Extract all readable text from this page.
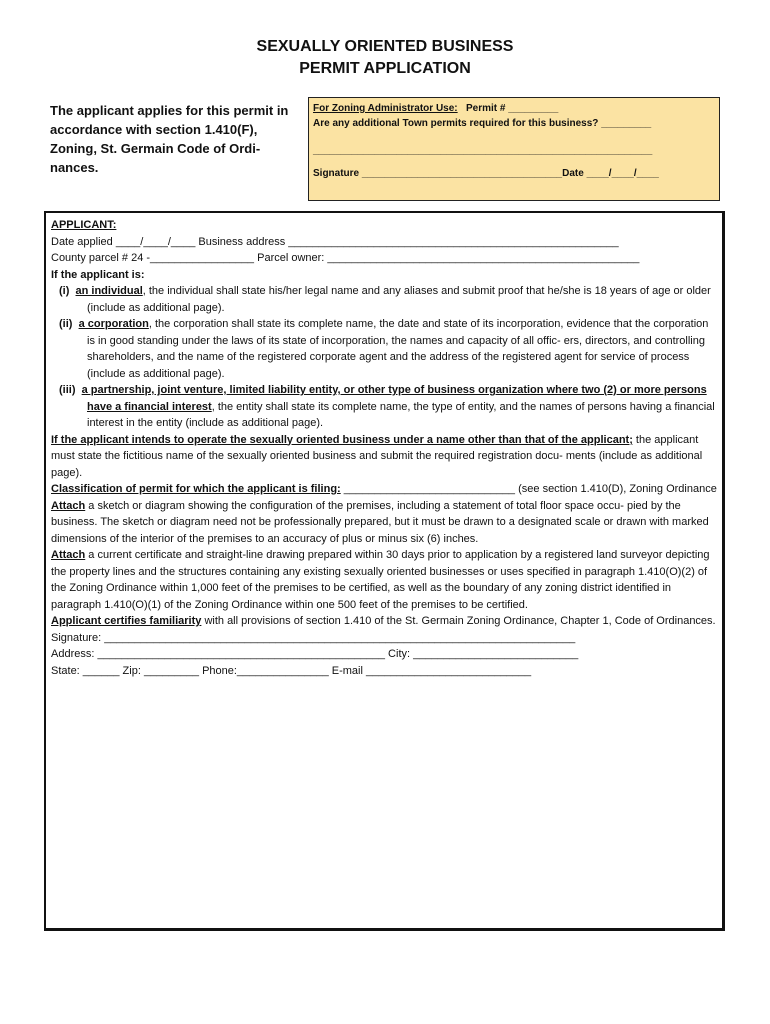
SEXUALLY ORIENTED BUSINESS
PERMIT APPLICATION
The applicant applies for this permit in accordance with section 1.410(F), Zoning, St. Germain Code of Ordi- nances.
For Zoning Administrator Use: Permit # _________
Are any additional Town permits required for this business? _________
_____________________________________________________________
Signature ____________________________________Date ____/____/____

APPLICANT:

Date applied ____/____/____ Business address ______________________________________________________

County parcel # 24 -_________________ Parcel owner: ___________________________________________________

If the applicant is:

(i) an individual, the individual shall state his/her legal name and any aliases and submit proof that he/she is 18 years of age or older (include as additional page).

(ii) a corporation, the corporation shall state its complete name, the date and state of its incorporation, evidence that the corporation is in good standing under the laws of its state of incorporation, the names and capacity of all offic- ers, directors, and controlling shareholders, and the name of the registered corporate agent and the address of the registered agent for service of process (include as additional page).

(iii) a partnership, joint venture, limited liability entity, or other type of business organization where two (2) or more persons have a financial interest, the entity shall state its complete name, the type of entity, and the names of persons having a financial interest in the entity (include as additional page).

If the applicant intends to operate the sexually oriented business under a name other than that of the applicant; the applicant must state the fictitious name of the sexually oriented business and submit the required registration docu- ments (include as additional page).

Classification of permit for which the applicant is filing: ____________________________ (see section 1.410(D), Zoning Ordinance

Attach a sketch or diagram showing the configuration of the premises, including a statement of total floor space occu- pied by the business. The sketch or diagram need not be professionally prepared, but it must be drawn to a designated scale or drawn with marked dimensions of the interior of the premises to an accuracy of plus or minus six (6) inches.

Attach a current certificate and straight-line drawing prepared within 30 days prior to application by a registered land surveyor depicting the property lines and the structures containing any existing sexually oriented businesses or uses specified in paragraph 1.410(O)(2) of the Zoning Ordinance within 1,000 feet of the premises to be certified, as well as the boundary of any zoning district identified in paragraph 1.410(O)(1) of the Zoning Ordinance within one 500 feet of the premises to be certified.

Applicant certifies familiarity with all provisions of section 1.410 of the St. Germain Zoning Ordinance, Chapter 1, Code of Ordinances.

Signature: _____________________________________________________________________________

Address: _______________________________________________ City: ___________________________

State: ______ Zip: _________ Phone:_______________ E-mail ___________________________
